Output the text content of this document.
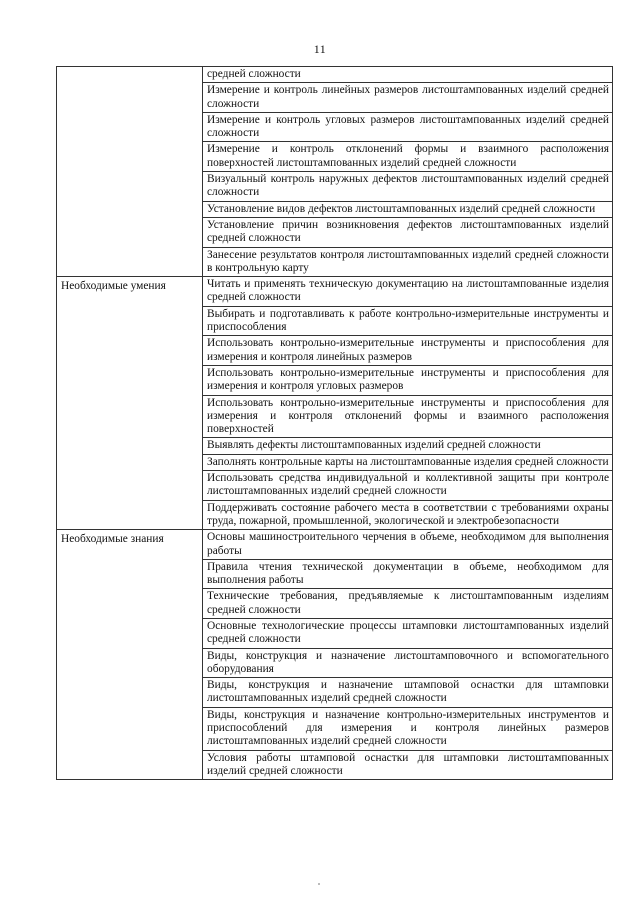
11

	средней сложности

	Измерение и контроль линейных размеров листоштампованных изделий средней сложности

	Измерение и контроль угловых размеров листоштампованных изделий средней сложности

	Измерение и контроль отклонений формы и взаимного расположения поверхностей листоштампованных изделий средней сложности

	Визуальный контроль наружных дефектов листоштампованных изделий средней сложности

	Установление видов дефектов листоштампованных изделий средней сложности

	Установление причин возникновения дефектов листоштампованных изделий средней сложности

	Занесение результатов контроля листоштампованных изделий средней сложности в контрольную карту

Необходимые умения	Читать и применять техническую документацию на листоштампованные изделия средней сложности

	Выбирать и подготавливать к работе контрольно-измерительные инструменты и приспособления

	Использовать контрольно-измерительные инструменты и приспособления для измерения и контроля линейных размеров

	Использовать контрольно-измерительные инструменты и приспособления для измерения и контроля угловых размеров

	Использовать контрольно-измерительные инструменты и приспособления для измерения и контроля отклонений формы и взаимного расположения поверхностей

	Выявлять дефекты листоштампованных изделий средней сложности

	Заполнять контрольные карты на листоштампованные изделия средней сложности

	Использовать средства индивидуальной и коллективной защиты при контроле листоштампованных изделий средней сложности

	Поддерживать состояние рабочего места в соответствии с требованиями охраны труда, пожарной, промышленной, экологической и электробезопасности

Необходимые знания	Основы машиностроительного черчения в объеме, необходимом для выполнения работы

	Правила чтения технической документации в объеме, необходимом для выполнения работы

	Технические требования, предъявляемые к листоштампованным изделиям средней сложности

	Основные технологические процессы штамповки листоштампованных изделий средней сложности

	Виды, конструкция и назначение листоштамповочного и вспомогательного оборудования

	Виды, конструкция и назначение штамповой оснастки для штамповки листоштампованных изделий средней сложности

	Виды, конструкция и назначение контрольно-измерительных инструментов и приспособлений для измерения и контроля линейных размеров листоштампованных изделий средней сложности

	Условия работы штамповой оснастки для штамповки листоштампованных изделий средней сложности
